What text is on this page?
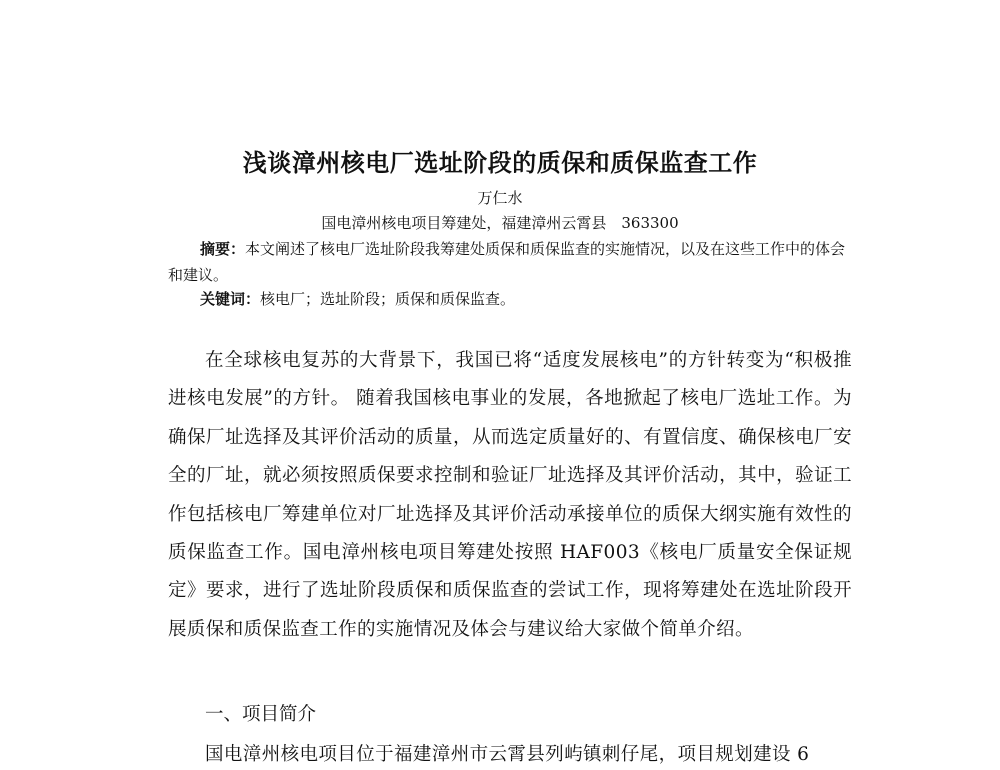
浅谈漳州核电厂选址阶段的质保和质保监查工作
万仁水
国电漳州核电项目筹建处，福建漳州云霄县　363300

摘要：本文阐述了核电厂选址阶段我筹建处质保和质保监查的实施情况，以及在这些工作中的体会和建议。

关键词：核电厂；选址阶段；质保和质保监查。

在全球核电复苏的大背景下，我国已将“适度发展核电”的方针转变为“积极推进核电发展”的方针。 随着我国核电事业的发展，各地掀起了核电厂选址工作。为确保厂址选择及其评价活动的质量，从而选定质量好的、有置信度、确保核电厂安全的厂址，就必须按照质保要求控制和验证厂址选择及其评价活动，其中，验证工作包括核电厂筹建单位对厂址选择及其评价活动承接单位的质保大纲实施有效性的质保监查工作。国电漳州核电项目筹建处按照 HAF003《核电厂质量安全保证规定》要求，进行了选址阶段质保和质保监查的尝试工作，现将筹建处在选址阶段开展质保和质保监查工作的实施情况及体会与建议给大家做个简单介绍。

一、项目简介

国电漳州核电项目位于福建漳州市云霄县列屿镇刺仔尾，项目规划建设 6
